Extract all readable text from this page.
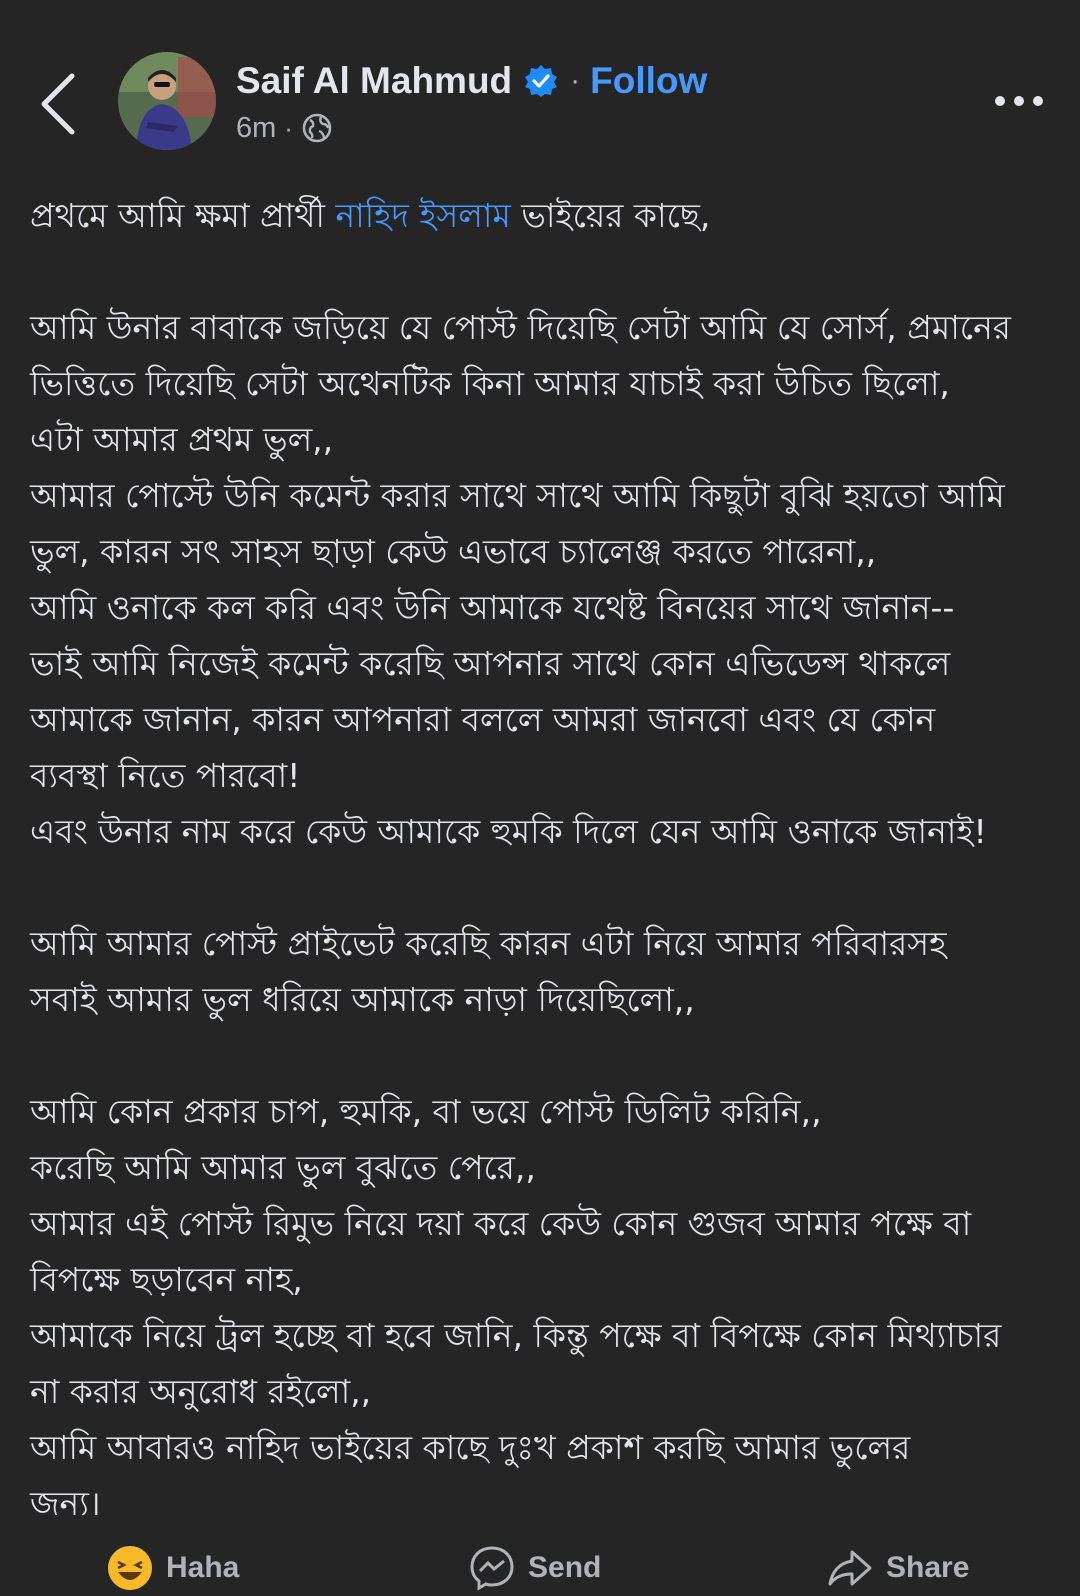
Saif Al Mahmud · Follow
6m ·

প্রথমে আমি ক্ষমা প্রার্থী নাহিদ ইসলাম ভাইয়ের কাছে,

আমি উনার বাবাকে জড়িয়ে যে পোস্ট দিয়েছি সেটা আমি যে সোর্স, প্রমানের

ভিত্তিতে দিয়েছি সেটা অথেনটিক কিনা আমার যাচাই করা উচিত ছিলো,

এটা আমার প্রথম ভুল,,

আমার পোস্টে উনি কমেন্ট করার সাথে সাথে আমি কিছুটা বুঝি হয়তো আমি

ভুল, কারন সৎ সাহস ছাড়া কেউ এভাবে চ্যালেঞ্জ করতে পারেনা,,

আমি ওনাকে কল করি এবং উনি আমাকে যথেষ্ট বিনয়ের সাথে জানান--

ভাই আমি নিজেই কমেন্ট করেছি আপনার সাথে কোন এভিডেন্স থাকলে

আমাকে জানান, কারন আপনারা বললে আমরা জানবো এবং যে কোন

ব্যবস্থা নিতে পারবো!

এবং উনার নাম করে কেউ আমাকে হুমকি দিলে যেন আমি ওনাকে জানাই!

আমি আমার পোস্ট প্রাইভেট করেছি কারন এটা নিয়ে আমার পরিবারসহ

সবাই আমার ভুল ধরিয়ে আমাকে নাড়া দিয়েছিলো,,

আমি কোন প্রকার চাপ, হুমকি, বা ভয়ে পোস্ট ডিলিট করিনি,,

করেছি আমি আমার ভুল বুঝতে পেরে,,

আমার এই পোস্ট রিমুভ নিয়ে দয়া করে কেউ কোন গুজব আমার পক্ষে বা

বিপক্ষে ছড়াবেন নাহ,

আমাকে নিয়ে ট্রল হচ্ছে বা হবে জানি, কিন্তু পক্ষে বা বিপক্ষে কোন মিথ্যাচার

না করার অনুরোধ রইলো,,

আমি আবারও নাহিদ ভাইয়ের কাছে দুঃখ প্রকাশ করছি আমার ভুলের

জন্য।

Haha	Send	Share
